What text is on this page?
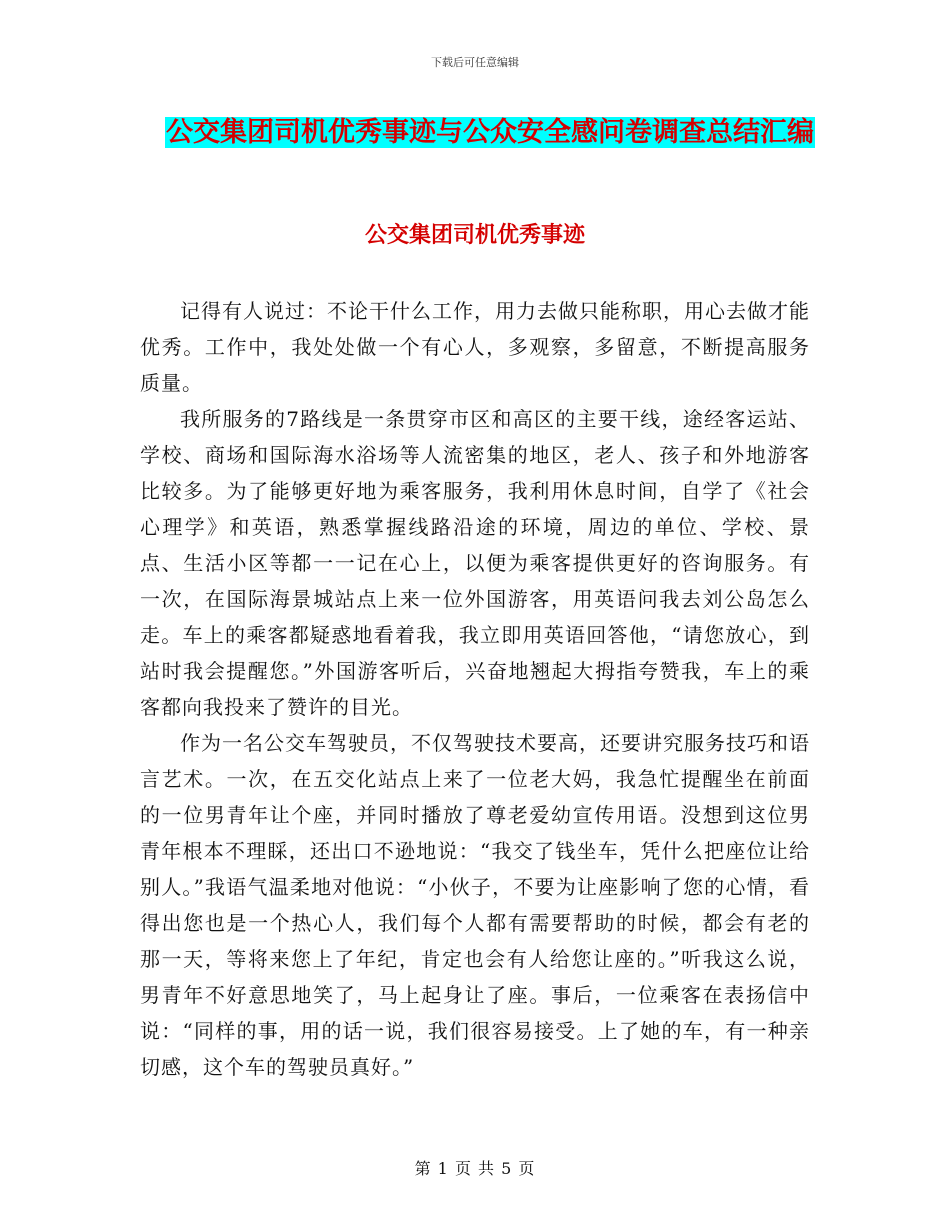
下载后可任意编辑
公交集团司机优秀事迹与公众安全感问卷调查总结汇编
公交集团司机优秀事迹

记得有人说过：不论干什么工作，用力去做只能称职，用心去做才能优秀。工作中，我处处做一个有心人，多观察，多留意，不断提高服务质量。

我所服务的7路线是一条贯穿市区和高区的主要干线，途经客运站、学校、商场和国际海水浴场等人流密集的地区，老人、孩子和外地游客比较多。为了能够更好地为乘客服务，我利用休息时间，自学了《社会心理学》和英语，熟悉掌握线路沿途的环境，周边的单位、学校、景点、生活小区等都一一记在心上，以便为乘客提供更好的咨询服务。有一次，在国际海景城站点上来一位外国游客，用英语问我去刘公岛怎么走。车上的乘客都疑惑地看着我，我立即用英语回答他，“请您放心，到站时我会提醒您。”外国游客听后，兴奋地翘起大拇指夸赞我，车上的乘客都向我投来了赞许的目光。

作为一名公交车驾驶员，不仅驾驶技术要高，还要讲究服务技巧和语言艺术。一次，在五交化站点上来了一位老大妈，我急忙提醒坐在前面的一位男青年让个座，并同时播放了尊老爱幼宣传用语。没想到这位男青年根本不理睬，还出口不逊地说：“我交了钱坐车，凭什么把座位让给别人。”我语气温柔地对他说：“小伙子，不要为让座影响了您的心情，看得出您也是一个热心人，我们每个人都有需要帮助的时候，都会有老的那一天，等将来您上了年纪，肯定也会有人给您让座的。”听我这么说，男青年不好意思地笑了，马上起身让了座。事后，一位乘客在表扬信中说：“同样的事，用的话一说，我们很容易接受。上了她的车，有一种亲切感，这个车的驾驶员真好。”

第 1 页 共 5 页
